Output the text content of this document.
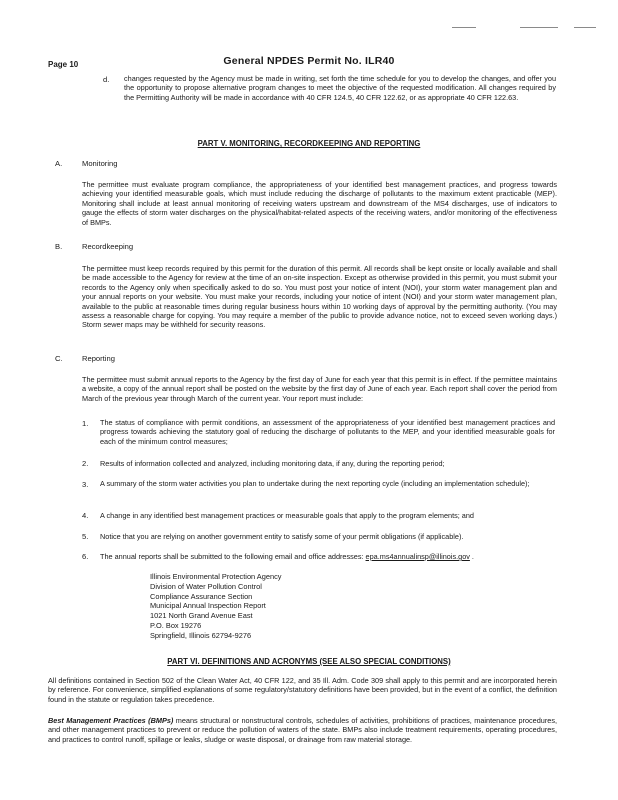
Page 10	General NPDES Permit No. ILR40
d. changes requested by the Agency must be made in writing, set forth the time schedule for you to develop the changes, and offer you the opportunity to propose alternative program changes to meet the objective of the requested modification. All changes required by the Permitting Authority will be made in accordance with 40 CFR 124.5, 40 CFR 122.62, or as appropriate 40 CFR 122.63.
PART V. MONITORING, RECORDKEEPING AND REPORTING
A.	Monitoring
The permittee must evaluate program compliance, the appropriateness of your identified best management practices, and progress towards achieving your identified measurable goals, which must include reducing the discharge of pollutants to the maximum extent practicable (MEP). Monitoring shall include at least annual monitoring of receiving waters upstream and downstream of the MS4 discharges, use of indicators to gauge the effects of storm water discharges on the physical/habitat-related aspects of the receiving waters, and/or monitoring of the effectiveness of BMPs.
B.	Recordkeeping
The permittee must keep records required by this permit for the duration of this permit. All records shall be kept onsite or locally available and shall be made accessible to the Agency for review at the time of an on-site inspection. Except as otherwise provided in this permit, you must submit your records to the Agency only when specifically asked to do so. You must post your notice of intent (NOI), your storm water management plan and your annual reports on your website. You must make your records, including your notice of intent (NOI) and your storm water management plan, available to the public at reasonable times during regular business hours within 10 working days of approval by the permitting authority. (You may assess a reasonable charge for copying. You may require a member of the public to provide advance notice, not to exceed seven working days.) Storm sewer maps may be withheld for security reasons.
C.	Reporting
The permittee must submit annual reports to the Agency by the first day of June for each year that this permit is in effect. If the permittee maintains a website, a copy of the annual report shall be posted on the website by the first day of June of each year. Each report shall cover the period from March of the previous year through March of the current year. Your report must include:
1. The status of compliance with permit conditions, an assessment of the appropriateness of your identified best management practices and progress towards achieving the statutory goal of reducing the discharge of pollutants to the MEP, and your identified measurable goals for each of the minimum control measures;
2. Results of information collected and analyzed, including monitoring data, if any, during the reporting period;
3. A summary of the storm water activities you plan to undertake during the next reporting cycle (including an implementation schedule);
4. A change in any identified best management practices or measurable goals that apply to the program elements; and
5. Notice that you are relying on another government entity to satisfy some of your permit obligations (if applicable).
6. The annual reports shall be submitted to the following email and office addresses: epa.ms4annualinsp@illinois.gov .
Illinois Environmental Protection Agency
Division of Water Pollution Control
Compliance Assurance Section
Municipal Annual Inspection Report
1021 North Grand Avenue East
P.O. Box 19276
Springfield, Illinois 62794-9276
PART VI. DEFINITIONS AND ACRONYMS (SEE ALSO SPECIAL CONDITIONS)
All definitions contained in Section 502 of the Clean Water Act, 40 CFR 122, and 35 Ill. Adm. Code 309 shall apply to this permit and are incorporated herein by reference. For convenience, simplified explanations of some regulatory/statutory definitions have been provided, but in the event of a conflict, the definition found in the statute or regulation takes precedence.
Best Management Practices (BMPs) means structural or nonstructural controls, schedules of activities, prohibitions of practices, maintenance procedures, and other management practices to prevent or reduce the pollution of waters of the state. BMPs also include treatment requirements, operating procedures, and practices to control runoff, spillage or leaks, sludge or waste disposal, or drainage from raw material storage.
